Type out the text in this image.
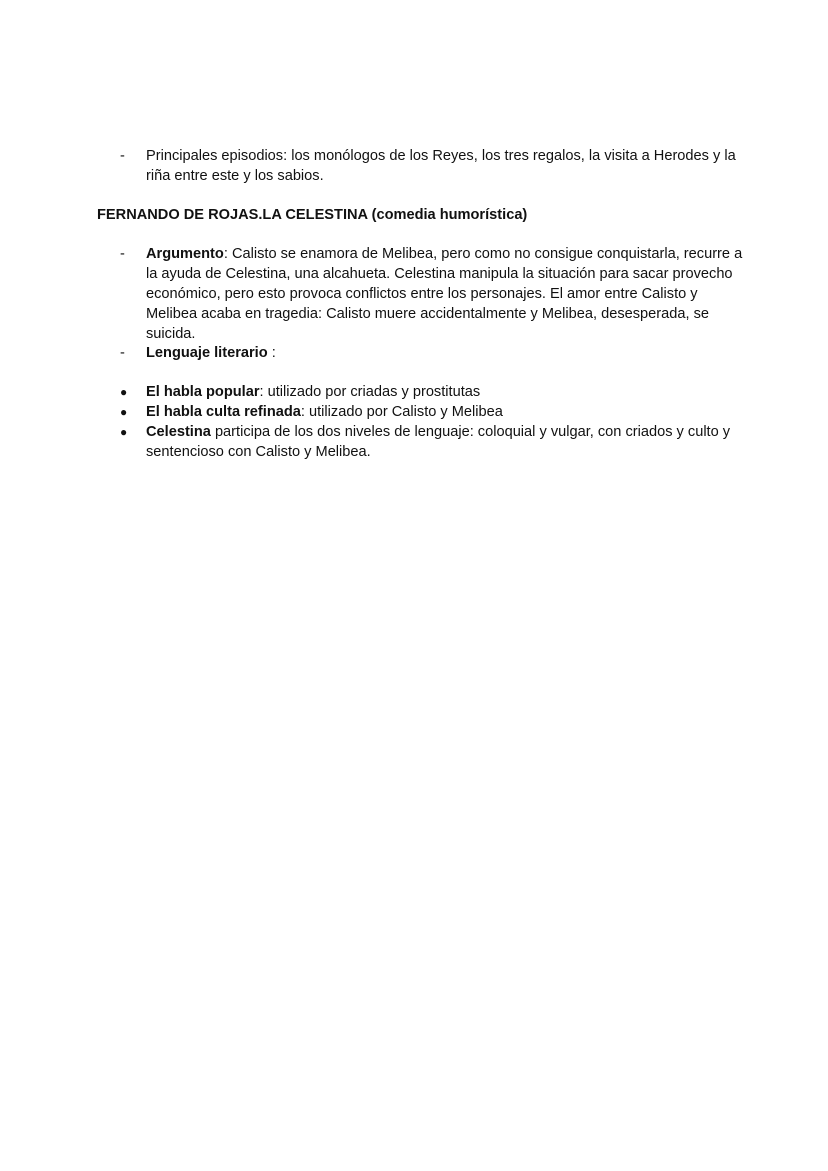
-	Principales episodios: los monólogos de los Reyes, los tres regalos, la visita a Herodes y la riña entre este y los sabios.
FERNANDO DE ROJAS.LA CELESTINA (comedia humorística)
-	Argumento: Calisto se enamora de Melibea, pero como no consigue conquistarla, recurre a la ayuda de Celestina, una alcahueta. Celestina manipula la situación para sacar provecho económico, pero esto provoca conflictos entre los personajes. El amor entre Calisto y Melibea acaba en tragedia: Calisto muere accidentalmente y Melibea, desesperada, se suicida.
-	Lenguaje literario :
●	El habla popular: utilizado por criadas y prostitutas
●	El habla culta refinada: utilizado por Calisto y Melibea
●	Celestina participa de los dos niveles de lenguaje: coloquial y vulgar, con criados y culto y sentencioso con Calisto y Melibea.
